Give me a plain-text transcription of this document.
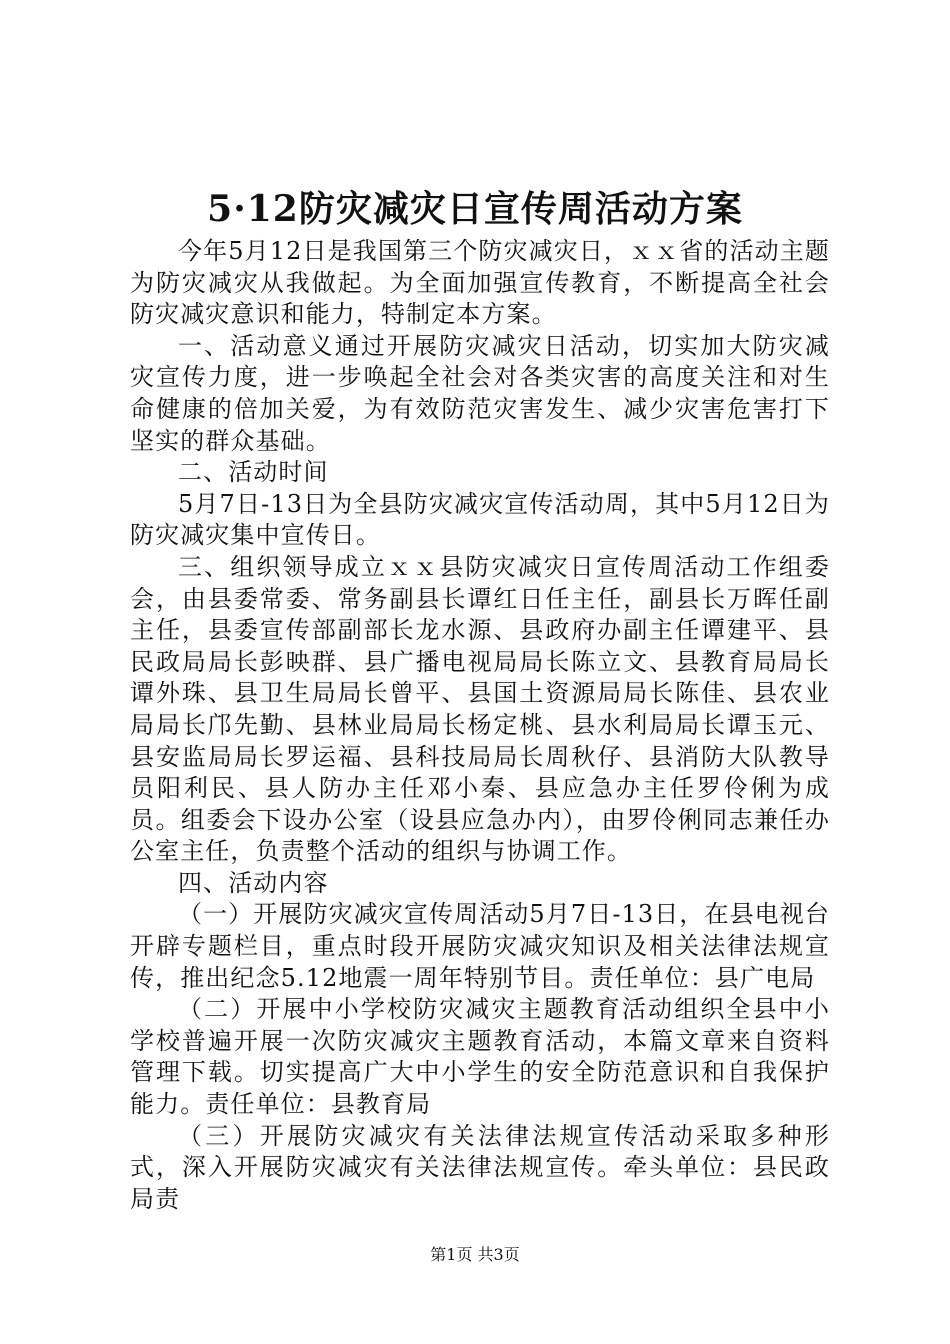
5·12防灾减灾日宣传周活动方案

今年5月12日是我国第三个防灾减灾日，ｘｘ省的活动主题为防灾减灾从我做起。为全面加强宣传教育，不断提高全社会防灾减灾意识和能力，特制定本方案。

一、活动意义通过开展防灾减灾日活动，切实加大防灾减灾宣传力度，进一步唤起全社会对各类灾害的高度关注和对生命健康的倍加关爱，为有效防范灾害发生、减少灾害危害打下坚实的群众基础。

二、活动时间

5月7日-13日为全县防灾减灾宣传活动周，其中5月12日为防灾减灾集中宣传日。

三、组织领导成立ｘｘ县防灾减灾日宣传周活动工作组委会，由县委常委、常务副县长谭红日任主任，副县长万晖任副主任，县委宣传部副部长龙水源、县政府办副主任谭建平、县民政局局长彭映群、县广播电视局局长陈立文、县教育局局长谭外珠、县卫生局局长曾平、县国土资源局局长陈佳、县农业局局长邝先勤、县林业局局长杨定桃、县水利局局长谭玉元、县安监局局长罗运福、县科技局局长周秋仔、县消防大队教导员阳利民、县人防办主任邓小秦、县应急办主任罗伶俐为成员。组委会下设办公室（设县应急办内），由罗伶俐同志兼任办公室主任，负责整个活动的组织与协调工作。

四、活动内容

（一）开展防灾减灾宣传周活动5月7日-13日，在县电视台开辟专题栏目，重点时段开展防灾减灾知识及相关法律法规宣传，推出纪念5.12地震一周年特别节目。责任单位：县广电局

（二）开展中小学校防灾减灾主题教育活动组织全县中小学校普遍开展一次防灾减灾主题教育活动，本篇文章来自资料管理下载。切实提高广大中小学生的安全防范意识和自我保护能力。责任单位：县教育局

（三）开展防灾减灾有关法律法规宣传活动采取多种形式，深入开展防灾减灾有关法律法规宣传。牵头单位：县民政局责

第1页 共3页
